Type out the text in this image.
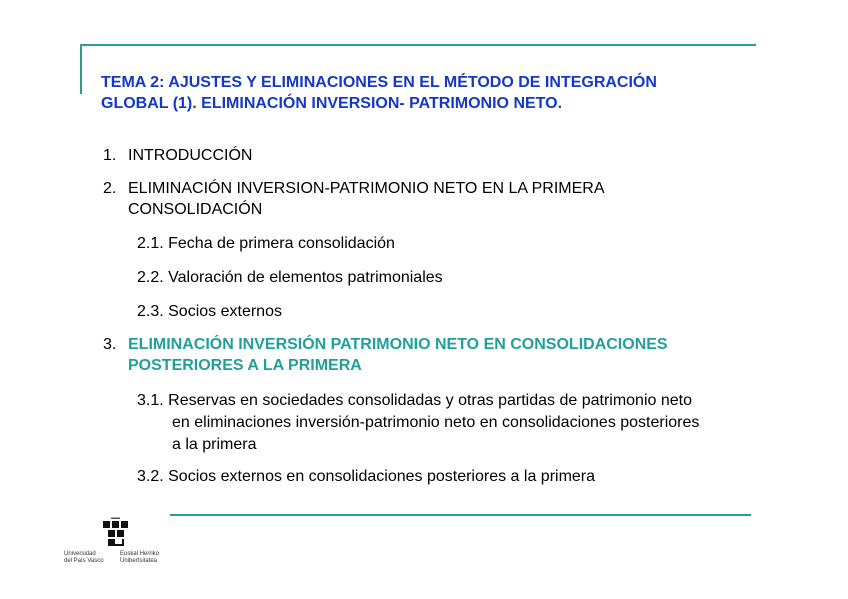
TEMA 2: AJUSTES Y ELIMINACIONES EN EL MÉTODO DE INTEGRACIÓN
GLOBAL (1). ELIMINACIÓN INVERSION- PATRIMONIO NETO.
1. INTRODUCCIÓN
2. ELIMINACIÓN INVERSION-PATRIMONIO NETO EN LA PRIMERA
CONSOLIDACIÓN
2.1. Fecha de primera consolidación
2.2. Valoración de elementos patrimoniales
2.3. Socios externos
3. ELIMINACIÓN INVERSIÓN PATRIMONIO NETO EN CONSOLIDACIONES
POSTERIORES A LA PRIMERA
3.1. Reservas en sociedades consolidadas y otras partidas de patrimonio neto
en eliminaciones inversión-patrimonio neto en consolidaciones posteriores
a la primera
3.2. Socios externos en consolidaciones posteriores a la primera
Universidad
del País Vasco
Euskal Herriko
Unibertsitatea
